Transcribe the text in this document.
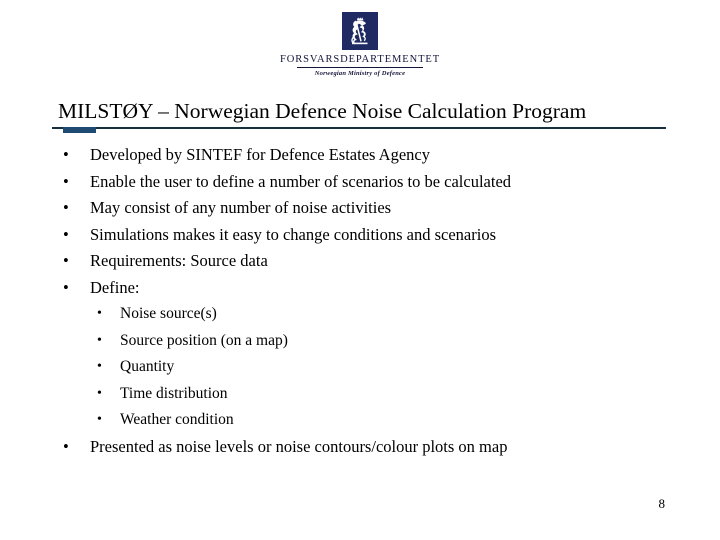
FORSVARSDEPARTEMENTET
Norwegian Ministry of Defence
MILSTØY – Norwegian Defence Noise Calculation Program
• Developed by SINTEF for Defence Estates Agency
• Enable the user to define a number of scenarios to be calculated
• May consist of any number of noise activities
• Simulations makes it easy to change conditions and scenarios
• Requirements: Source data
• Define:
• Noise source(s)
• Source position (on a map)
• Quantity
• Time distribution
• Weather condition
• Presented as noise levels or noise contours/colour plots on map
8
